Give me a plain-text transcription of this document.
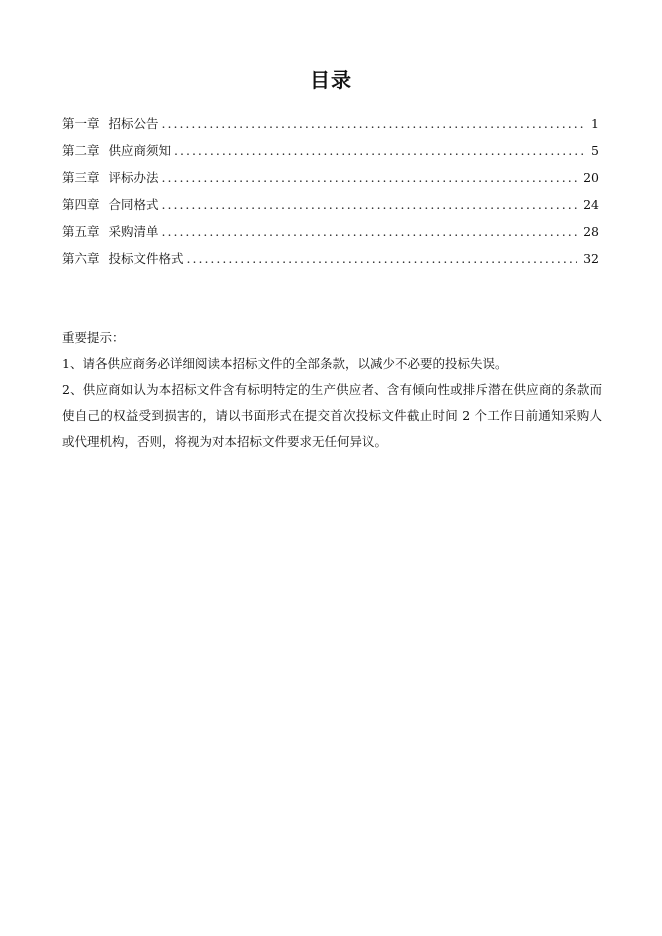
目录
第一章 招标公告 .....	1
第二章 供应商须知 .....	5
第三章 评标办法 .....	20
第四章 合同格式 .....	24
第五章 采购清单 .....	28
第六章 投标文件格式 .....	32
重要提示：

1、请各供应商务必详细阅读本招标文件的全部条款，以减少不必要的投标失误。

2、供应商如认为本招标文件含有标明特定的生产供应者、含有倾向性或排斥潜在供应商的条款而使自己的权益受到损害的，请以书面形式在提交首次投标文件截止时间 2 个工作日前通知采购人或代理机构，否则，将视为对本招标文件要求无任何异议。
